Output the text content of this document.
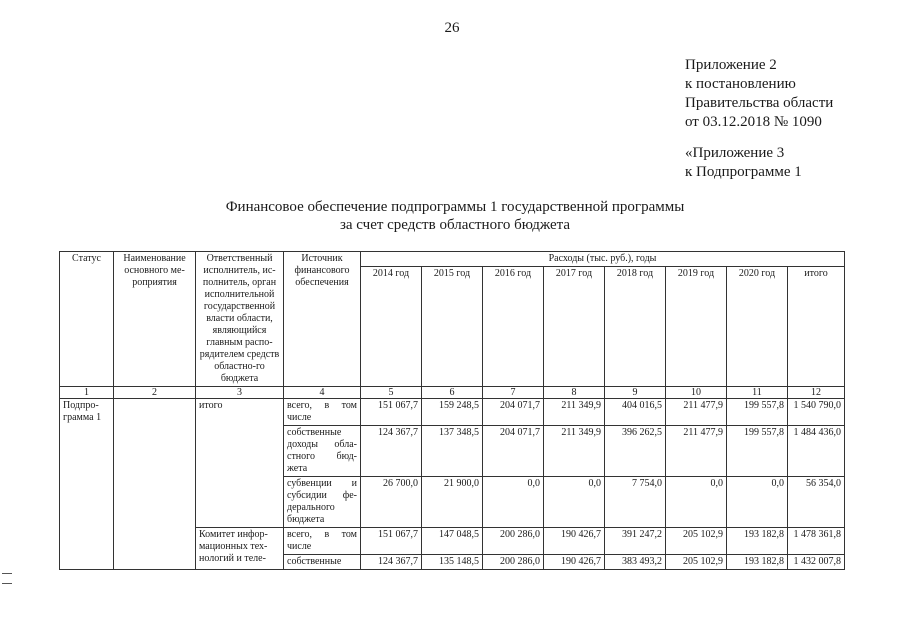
26
Приложение 2
к постановлению
Правительства области
от 03.12.2018 № 1090
«Приложение 3
к Подпрограмме 1
Финансовое обеспечение подпрограммы 1 государственной программы
за счет средств областного бюджета
Статус	Наименование основного ме-роприятия	Ответственный исполнитель, ис-полнитель, орган исполнительной государственной власти области, являющийся главным распо-рядителем средств областно-го бюджета	Источник финансового обеспечения	Расходы (тыс. руб.), годы							
				2014 год	2015 год	2016 год	2017 год	2018 год	2019 год	2020 год	итого
1	2	3	4	5	6	7	8	9	10	11	12
Подпро-грамма 1		итого	всего, в том числе	151 067,7	159 248,5	204 071,7	211 349,9	404 016,5	211 477,9	199 557,8	1 540 790,0
			собственные доходы обла-стного бюд-жета	124 367,7	137 348,5	204 071,7	211 349,9	396 262,5	211 477,9	199 557,8	1 484 436,0
			субвенции и субсидии фе-дерального бюджета	26 700,0	21 900,0	0,0	0,0	7 754,0	0,0	0,0	56 354,0
		Комитет инфор-мационных тех-нологий и теле-	всего, в том числе	151 067,7	147 048,5	200 286,0	190 426,7	391 247,2	205 102,9	193 182,8	1 478 361,8
			собственные	124 367,7	135 148,5	200 286,0	190 426,7	383 493,2	205 102,9	193 182,8	1 432 007,8
